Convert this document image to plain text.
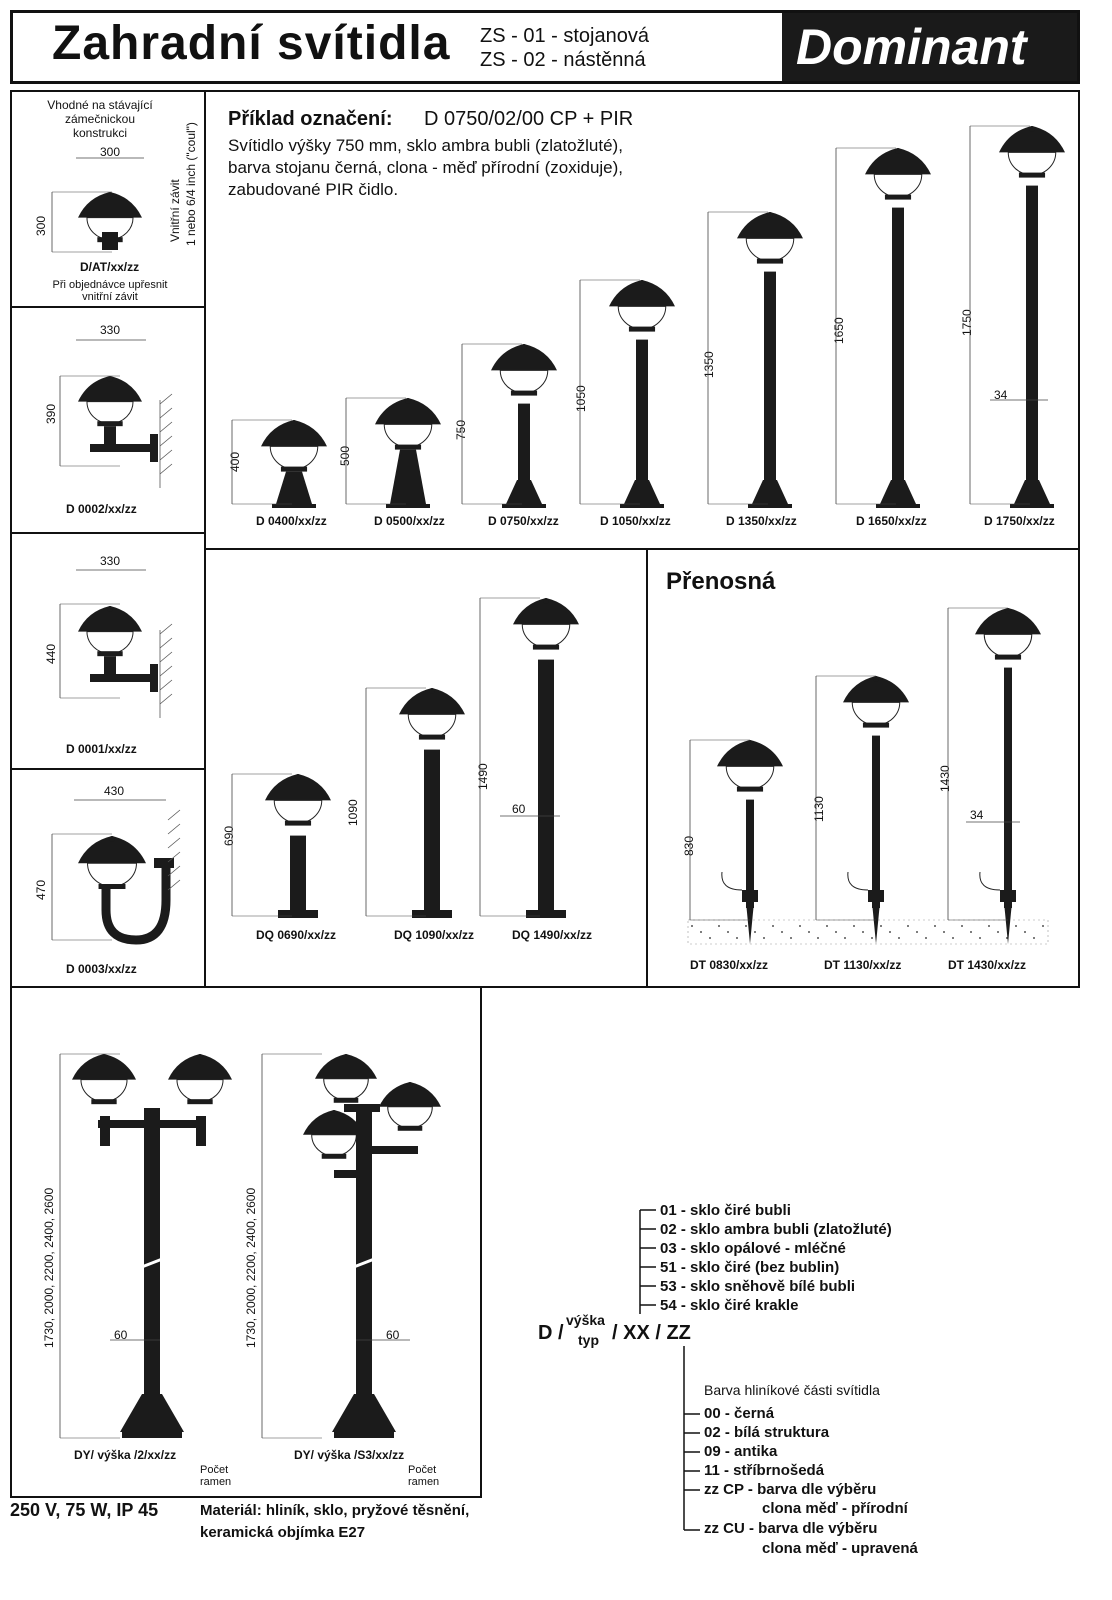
Zahradní svítidla ZS - 01 - stojanová
ZS - 02 - nástěnná	Dominant
Vhodné na stávající
zámečnickou
konstrukci
300
300	Vnitřní závit 1 nebo 6/4 inch ("coul")
D/AT/xx/zz
Při objednávce upřesnit
vnitřní závit
330
390
D 0002/xx/zz
330
440
D 0001/xx/zz
430
470
D 0003/xx/zz
Příklad označení: D 0750/02/00 CP + PIR
Svítidlo výšky 750 mm, sklo ambra bubli (zlatožluté),
barva stojanu černá, clona - měď přírodní (zoxiduje),
zabudované PIR čidlo.
D 0400/xx/zz	D 0500/xx/zz	D 0750/xx/zz	D 1050/xx/zz	D 1350/xx/zz	D 1650/xx/zz	D 1750/xx/zz
400	500
750
1050
1350
1650	1750
34
DQ 0690/xx/zz	DQ 1090/xx/zz	DQ 1490/xx/zz
690
1090
1490
60
Přenosná
DT 0830/xx/zz	DT 1130/xx/zz	DT 1430/xx/zz
830
1130
1430
34
1730, 2000, 2200, 2400, 2600	1730, 2000, 2200, 2400, 2600
60	60
DY/ výška /2/xx/zz	DY/ výška /S3/xx/zz
Počet
ramen
Počet
ramen
250 V, 75 W, IP 45	Materiál: hliník, sklo, pryžové těsnění,
keramická objímka E27
D /
výška
typ / XX / ZZ
01 - sklo čiré bubli
02 - sklo ambra bubli (zlatožluté)
03 - sklo opálové - mléčné
51 - sklo čiré (bez bublin)
53 - sklo sněhově bílé bubli
54 - sklo čiré krakle
Barva hliníkové části svítidla
00 - černá
02 - bílá struktura
09 - antika
11 - stříbrnošedá
zz CP - barva dle výběru
clona měď - přírodní
zz CU - barva dle výběru
clona měď - upravená
